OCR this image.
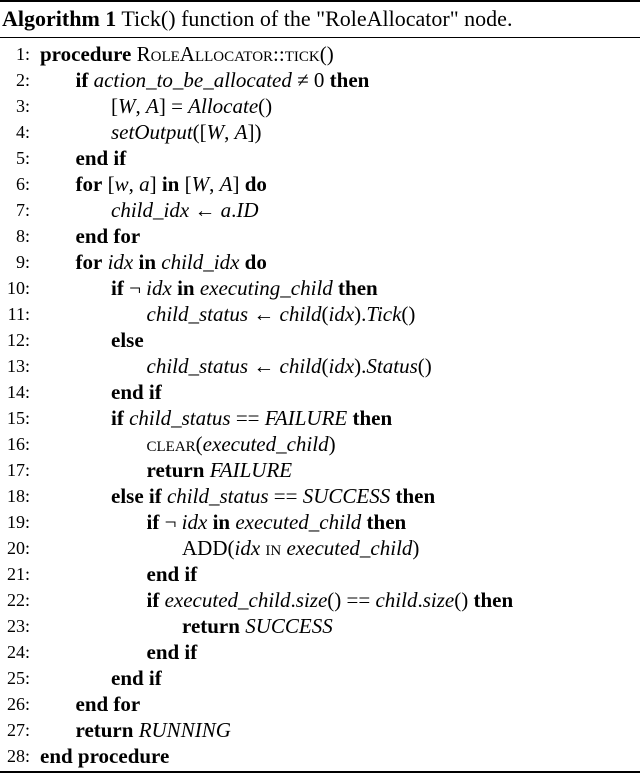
Algorithm 1 Tick() function of the "RoleAllocator" node.
1: procedure RoleAllocator::tick()
2: if action_to_be_allocated ≠ 0 then
3:	[W, A] = Allocate()
4:	setOutput([W, A])
5: end if
6: for [w, a] in [W, A] do
7:	child_idx ← a.ID
8: end for
9: for idx in child_idx do
10:	if ¬ idx in executing_child then
11:	child_status ← child(idx).Tick()
12:	else
13:	child_status ← child(idx).Status()
14:	end if
15:	if child_status == FAILURE then
16:	clear(executed_child)
17:	return FAILURE
18:	else if child_status == SUCCESS then
19:	if ¬ idx in executed_child then
20:	ADD(idx in executed_child)
21:	end if
22:	if executed_child.size() == child.size() then
23:	return SUCCESS
24:	end if
25:	end if
26: end for
27: return RUNNING
28: end procedure
